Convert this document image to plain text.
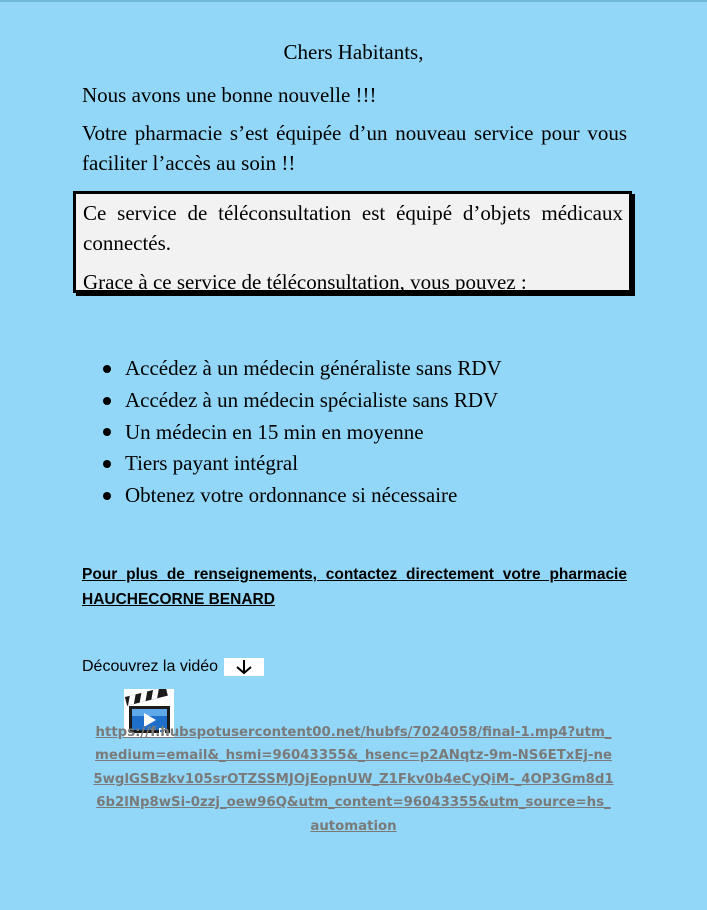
Chers Habitants,
Nous avons une bonne nouvelle !!!
Votre pharmacie s’est équipée d’un nouveau service pour vous faciliter l’accès au soin !!

Ce service de téléconsultation est équipé d’objets médicaux connectés.

Grace à ce service de téléconsultation, vous pouvez :

Accédez à un médecin généraliste sans RDV
Accédez à un médecin spécialiste sans RDV
Un médecin en 15 min en moyenne
Tiers payant intégral
Obtenez votre ordonnance si nécessaire
Pour plus de renseignements, contactez directement votre pharmacie HAUCHECORNE BENARD
Découvrez la vidéo
https://f.hubspotusercontent00.net/hubfs/7024058/final-1.mp4?utm_medium=email&_hsmi=96043355&_hsenc=p2ANqtz-9m-NS6ETxEj-ne5wglGSBzkv105srOTZSSMJOjEopnUW_Z1Fkv0b4eCyQiM-_4OP3Gm8d16b2lNp8wSi-0zzj_oew96Q&utm_content=96043355&utm_source=hs_automation
